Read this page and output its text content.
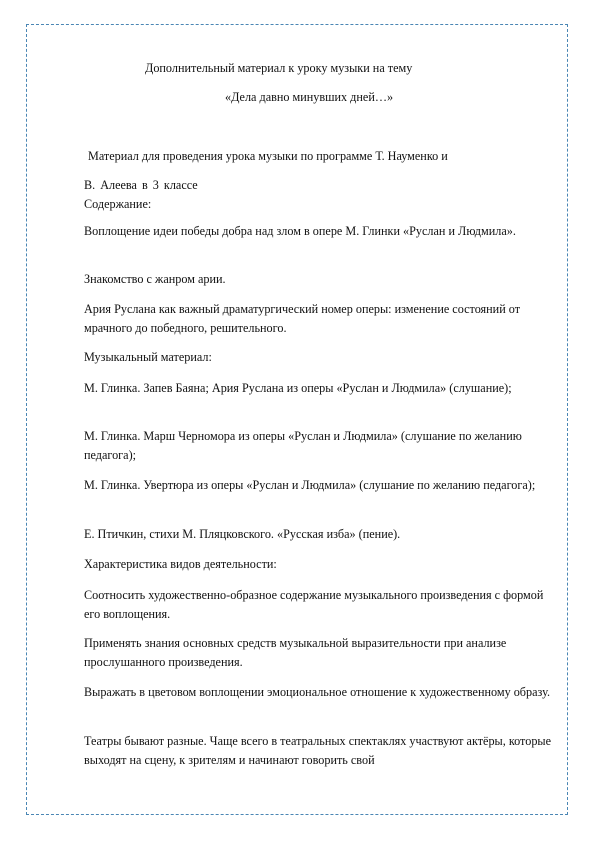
Дополнительный материал к уроку музыки на тему
«Дела давно минувших дней…»
Материал для проведения урока музыки по программе Т. Науменко и
В. Алеева в 3 классе
Содержание:
Воплощение идеи победы добра над злом в опере М. Глинки «Руслан и Людмила».
Знакомство с жанром арии.
Ария Руслана как важный драматургический номер оперы: изменение состояний от мрачного до победного, решительного.
Музыкальный материал:
М. Глинка. Запев Баяна; Ария Руслана из оперы «Руслан и Людмила» (слушание);
М. Глинка. Марш Черномора из оперы «Руслан и Людмила» (слушание по желанию педагога);
М. Глинка. Увертюра из оперы «Руслан и Людмила» (слушание по желанию педагога);
Е. Птичкин, стихи М. Пляцковского. «Русская изба» (пение).
Характеристика видов деятельности:
Соотносить художественно-образное содержание музыкального произведения с формой его воплощения.
Применять знания основных средств музыкальной выразительности при анализе прослушанного произведения.
Выражать в цветовом воплощении эмоциональное отношение к художественному образу.
Театры бывают разные. Чаще всего в театральных спектаклях участвуют актёры, которые выходят на сцену, к зрителям и начинают говорить свой
